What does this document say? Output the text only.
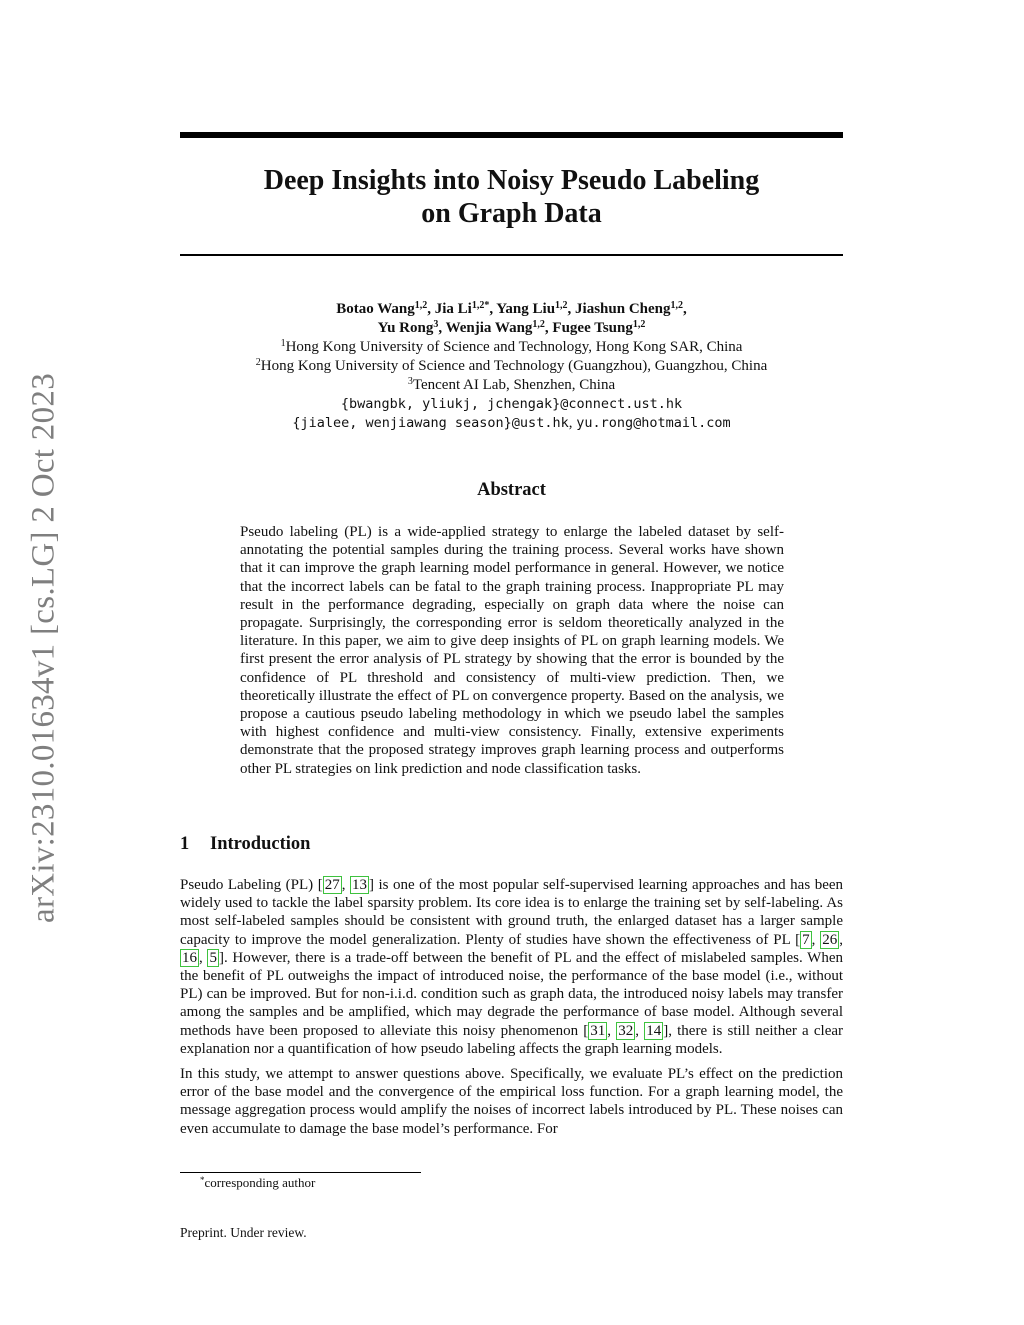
Deep Insights into Noisy Pseudo Labeling
on Graph Data
arXiv:2310.01634v1 [cs.LG] 2 Oct 2023
Botao Wang$^{1,2}$, Jia $Li^{1,2*}$, Yang Liu$^{1,2}$, Jiashun Cheng$^{1,2}$,
Yu Rong$^3$, Wenjia Wang$^{1,2}$, Fugee Tsung$^{1,2}$
$^1$Hong Kong University of Science and Technology, Hong Kong SAR, China
$^2$Hong Kong University of Science and Technology (Guangzhou), Guangzhou, China
$^3$Tencent AI Lab, Shenzhen, China
{bwangbk, yliukj, jchengak}@connect.ust.hk
{jialee, wenjiawang season}@ust.hk, yu.rong@hotmail.com
Abstract

Pseudo labeling (PL) is a wide-applied strategy to enlarge the labeled dataset by self-annotating the potential samples during the training process. Several works have shown that it can improve the graph learning model performance in general. However, we notice that the incorrect labels can be fatal to the graph training process. Inappropriate PL may result in the performance degrading, especially on graph data where the noise can propagate. Surprisingly, the corresponding error is seldom theoretically analyzed in the literature. In this paper, we aim to give deep insights of PL on graph learning models. We first present the error analysis of PL strategy by showing that the error is bounded by the confidence of PL threshold and consistency of multi-view prediction. Then, we theoretically illustrate the effect of PL on convergence property. Based on the analysis, we propose a cautious pseudo labeling methodology in which we pseudo label the samples with highest confidence and multi-view consistency. Finally, extensive experiments demonstrate that the proposed strategy improves graph learning process and outperforms other PL strategies on link prediction and node classification tasks.

1 Introduction

Pseudo Labeling (PL) [ 27 , 13 ] is one of the most popular self-supervised learning approaches and has been widely used to tackle the label sparsity problem. Its core idea is to enlarge the training set by self-labeling. As most self-labeled samples should be consistent with ground truth, the enlarged dataset has a larger sample capacity to improve the model generalization. Plenty of studies have shown the effectiveness of PL [ 7 , 26 , 16 , 5 ]. However, there is a trade-off between the benefit of PL and the effect of mislabeled samples. When the benefit of PL outweighs the impact of introduced noise, the performance of the base model (i.e., without PL) can be improved. But for non-i.i.d. condition such as graph data, the introduced noisy labels may transfer among the samples and be amplified, which may degrade the performance of base model. Although several methods have been proposed to alleviate this noisy phenomenon [ 31 , 32 , 14 ], there is still neither a clear explanation nor a quantification of how pseudo labeling affects the graph learning models.

In this study, we attempt to answer questions above. Specifically, we evaluate PL’s effect on the prediction error of the base model and the convergence of the empirical loss function. For a graph learning model, the message aggregation process would amplify the noises of incorrect labels introduced by PL. These noises can even accumulate to damage the base model’s performance. For

*corresponding author

Preprint. Under review.
